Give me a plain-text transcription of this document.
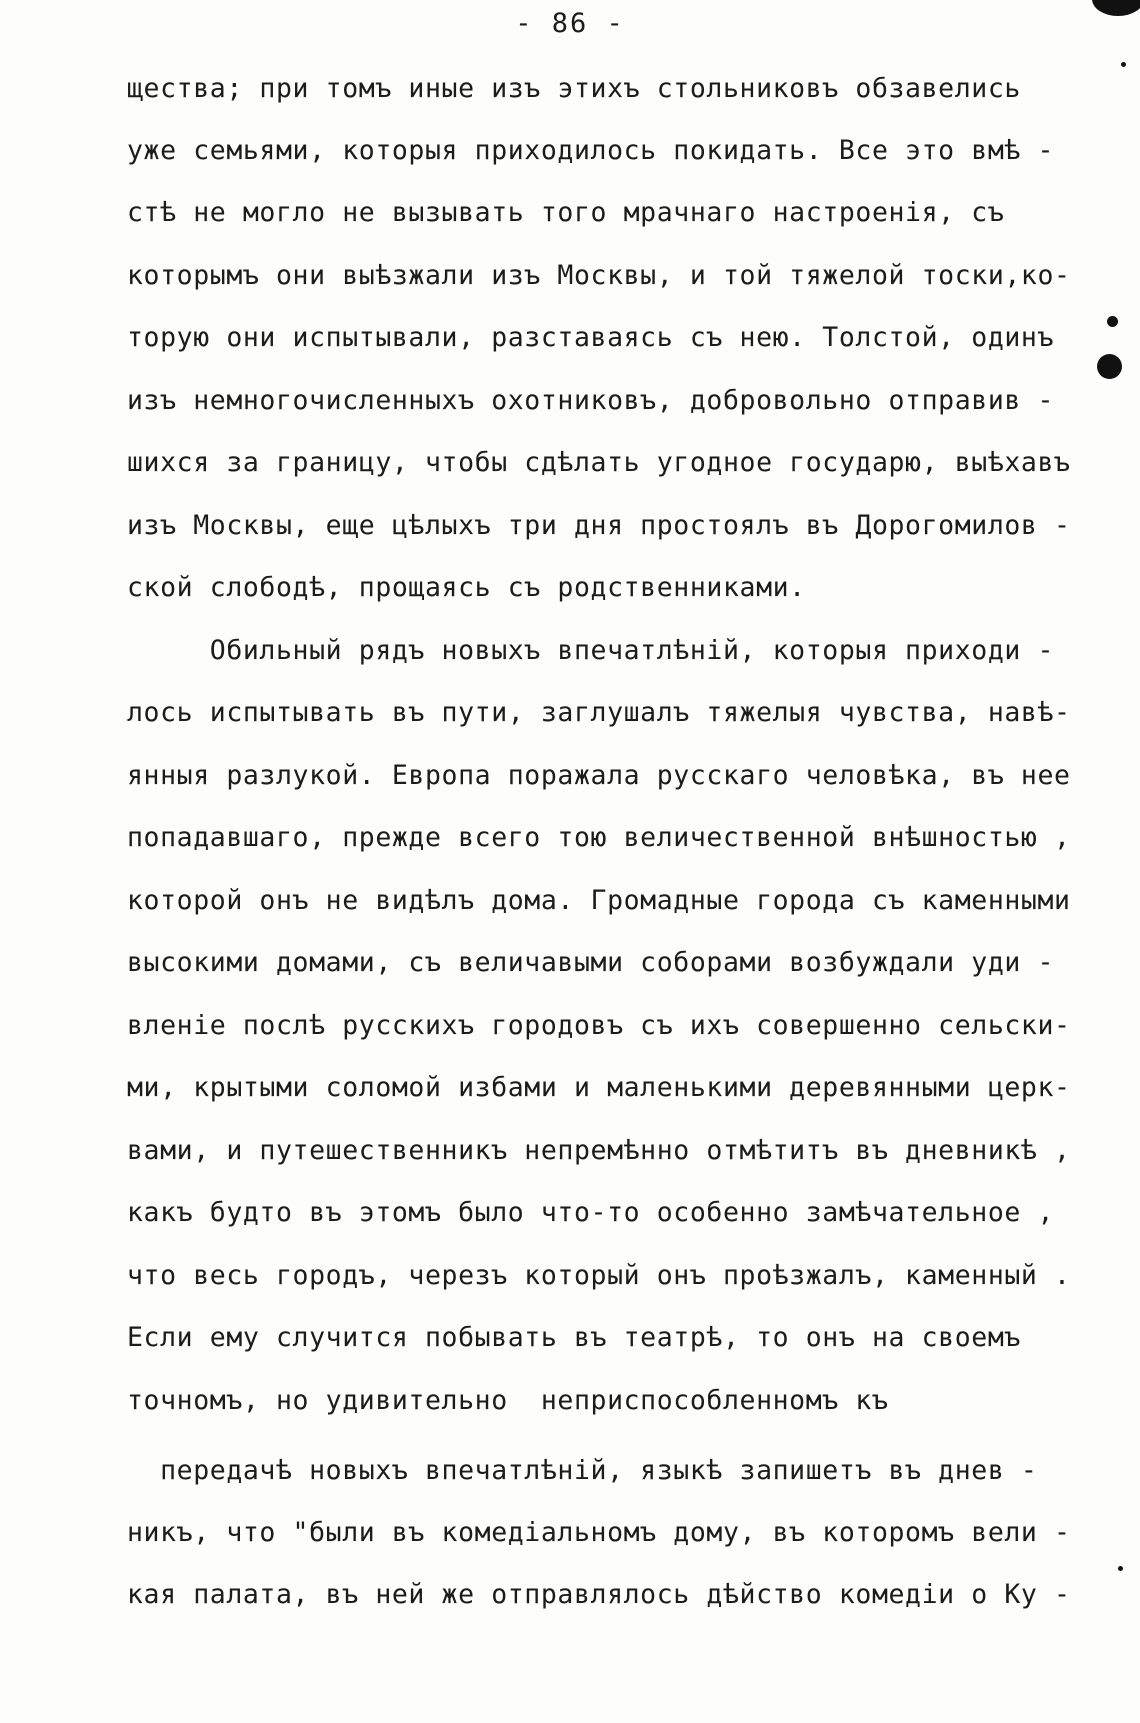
- 86 -
щества; при томъ иные изъ этихъ стольниковъ обзавелись
уже семьями, которыя приходилось покидать. Все это вмѣ -
стѣ не могло не вызывать того мрачнаго настроенія, съ
которымъ они выѣзжали изъ Москвы, и той тяжелой тоски,ко-
торую они испытывали, разставаясь съ нею. Толстой, одинъ
изъ немногочисленныхъ охотниковъ, добровольно отправив -
шихся за границу, чтобы сдѣлать угодное государю, выѣхавъ
изъ Москвы, еще цѣлыхъ три дня простоялъ въ Дорогомилов -
ской слободѣ, прощаясь съ родственниками.
Обильный рядъ новыхъ впечатлѣній, которыя приходи -
лось испытывать въ пути, заглушалъ тяжелыя чувства, навѣ-
янныя разлукой. Европа поражала русскаго человѣка, въ нее
попадавшаго, прежде всего тою величественной внѣшностью ,
которой онъ не видѣлъ дома. Громадные города съ каменными
высокими домами, съ величавыми соборами возбуждали уди -
вленіе послѣ русскихъ городовъ съ ихъ совершенно сельски-
ми, крытыми соломой избами и маленькими деревянными церк-
вами, и путешественникъ непремѣнно отмѣтитъ въ дневникѣ ,
какъ будто въ этомъ было что-то особенно замѣчательное ,
что весь городъ, черезъ который онъ проѣзжалъ, каменный .
Если ему случится побывать въ театрѣ, то онъ на своемъ
точномъ, но удивительно  неприспособленномъ къ
передачѣ новыхъ впечатлѣній, языкѣ запишетъ въ днев -
никъ, что "были въ комедіальномъ дому, въ которомъ вели -
кая палата, въ ней же отправлялось дѣйство комедіи о Ку -
